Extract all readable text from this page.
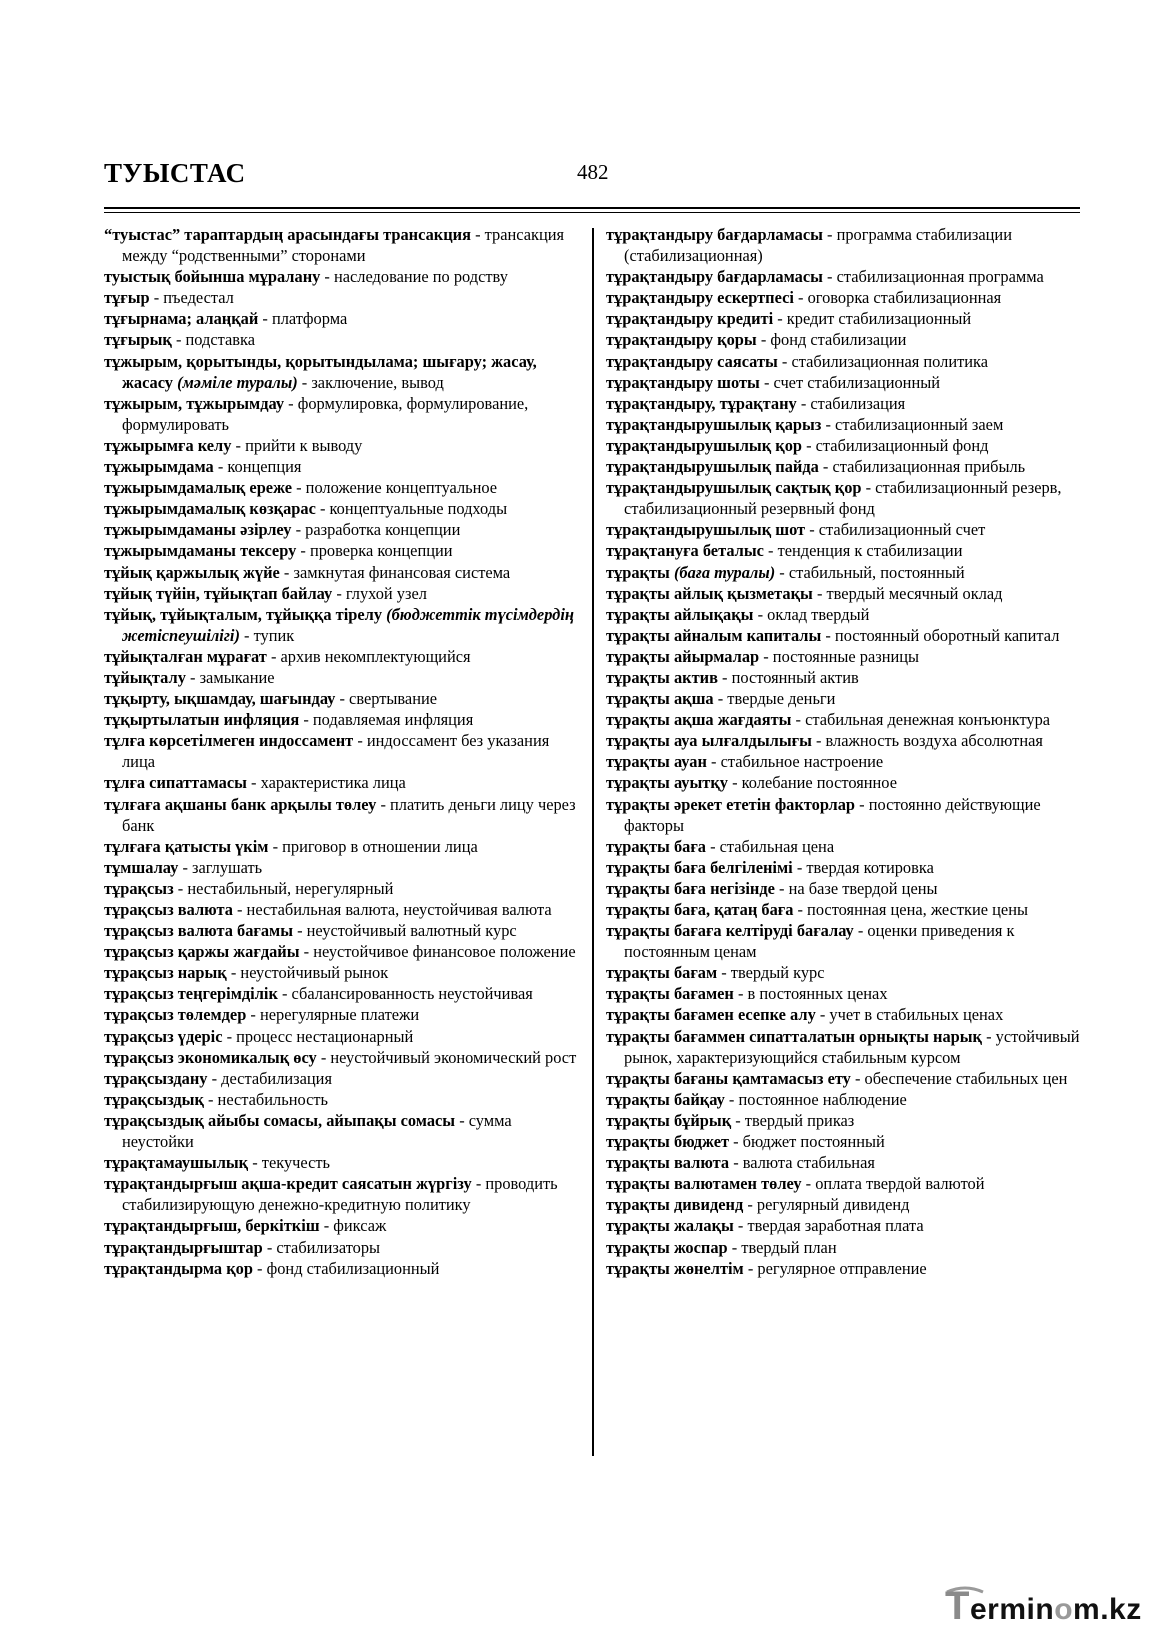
ТУЫСТАС	482

“туыстас” тараптардың арасындағы трансакция - трансакция между “родственными” сторонами

туыстық бойынша мұралану - наследование по родству

тұғыр - пъедестал

тұғырнама; алаңқай - платформа

тұғырық - подставка

тұжырым, қорытынды, қорытындылама; шығару; жасау, жасасу (мәміле туралы) - заключение, вывод

тұжырым, тұжырымдау - формулировка, формулирование, формулировать

тұжырымға келу - прийти к выводу

тұжырымдама - концепция

тұжырымдамалық ереже - положение концептуальное

тұжырымдамалық көзқарас - концептуальные подходы

тұжырымдаманы әзірлеу - разработка концепции

тұжырымдаманы тексеру - проверка концепции

тұйық қаржылық жүйе - замкнутая финансовая система

тұйық түйін, тұйықтап байлау - глухой узел

тұйық, тұйықталым, тұйыққа тірелу (бюджеттік түсімдердің жетіспеушілігі) - тупик

тұйықталған мұрағат - архив некомплектующийся

тұйықталу - замыкание

тұқырту, ықшамдау, шағындау - свертывание

тұқыртылатын инфляция - подавляемая инфляция

тұлға көрсетілмеген индоссамент - индоссамент без указания лица

тұлға сипаттамасы - характеристика лица

тұлғаға ақшаны банк арқылы төлеу - платить деньги лицу через банк

тұлғаға қатысты үкім - приговор в отношении лица

тұмшалау - заглушать

тұрақсыз - нестабильный, нерегулярный

тұрақсыз валюта - нестабильная валюта, неустойчивая валюта

тұрақсыз валюта бағамы - неустойчивый валютный курс

тұрақсыз қаржы жағдайы - неустойчивое финансовое положение

тұрақсыз нарық - неустойчивый рынок

тұрақсыз теңгерімділік - сбалансированность неустойчивая

тұрақсыз төлемдер - нерегулярные платежи

тұрақсыз үдеріс - процесс нестационарный

тұрақсыз экономикалық өсу - неустойчивый экономический рост

тұрақсыздану - дестабилизация

тұрақсыздық - нестабильность

тұрақсыздық айыбы сомасы, айыпақы сомасы - сумма неустойки

тұрақтамаушылық - текучесть

тұрақтандырғыш ақша-кредит саясатын жүргізу - проводить стабилизирующую денежно-кредитную политику

тұрақтандырғыш, беркіткіш - фиксаж

тұрақтандырғыштар - стабилизаторы

тұрақтандырма қор - фонд стабилизационный

тұрақтандыру бағдарламасы - программа стабилизации (стабилизационная)

тұрақтандыру бағдарламасы - стабилизационная программа

тұрақтандыру ескертпесі - оговорка стабилизационная

тұрақтандыру кредиті - кредит стабилизационный

тұрақтандыру қоры - фонд стабилизации

тұрақтандыру саясаты - стабилизационная политика

тұрақтандыру шоты - счет стабилизационный

тұрақтандыру, тұрақтану - стабилизация

тұрақтандырушылық қарыз - стабилизационный заем

тұрақтандырушылық қор - стабилизационный фонд

тұрақтандырушылық пайда - стабилизационная прибыль

тұрақтандырушылық сақтық қор - стабилизационный резерв, стабилизационный резервный фонд

тұрақтандырушылық шот - стабилизационный счет

тұрақтануға беталыс - тенденция к стабилизации

тұрақты (баға туралы) - стабильный, постоянный

тұрақты айлық қызметақы - твердый месячный оклад

тұрақты айлықақы - оклад твердый

тұрақты айналым капиталы - постоянный оборотный капитал

тұрақты айырмалар - постоянные разницы

тұрақты актив - постоянный актив

тұрақты ақша - твердые деньги

тұрақты ақша жағдаяты - стабильная денежная конъюнктура

тұрақты ауа ылғалдылығы - влажность воздуха абсолютная

тұрақты ауан - стабильное настроение

тұрақты ауытқу - колебание постоянное

тұрақты әрекет ететін факторлар - постоянно действующие факторы

тұрақты баға - стабильная цена

тұрақты баға белгіленімі - твердая котировка

тұрақты баға негізінде - на базе твердой цены

тұрақты баға, қатаң баға - постоянная цена, жесткие цены

тұрақты бағаға келтіруді бағалау - оценки приведения к постоянным ценам

тұрақты бағам - твердый курс

тұрақты бағамен - в постоянных ценах

тұрақты бағамен есепке алу - учет в стабильных ценах

тұрақты бағаммен сипатталатын орнықты нарық - устойчивый рынок, характеризующийся стабильным курсом

тұрақты бағаны қамтамасыз ету - обеспечение стабильных цен

тұрақты байқау - постоянное наблюдение

тұрақты бұйрық - твердый приказ

тұрақты бюджет - бюджет постоянный

тұрақты валюта - валюта стабильная

тұрақты валютамен төлеу - оплата твердой валютой

тұрақты дивиденд - регулярный дивиденд

тұрақты жалақы - твердая заработная плата

тұрақты жоспар - твердый план

тұрақты жөнелтім - регулярное отправление

T erminom.kz
